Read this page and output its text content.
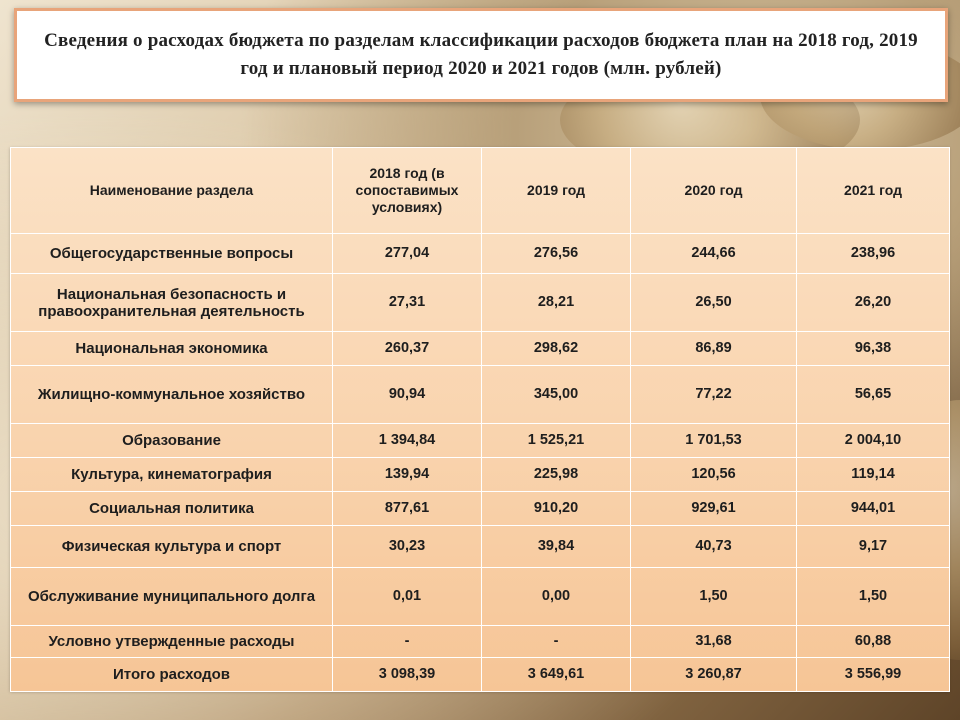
Сведения о расходах бюджета по разделам классификации расходов бюджета план на 2018 год, 2019 год и плановый период 2020 и 2021 годов (млн. рублей)
Наименование раздела	2018 год (в сопоставимых условиях)	2019 год	2020 год	2021 год
Общегосударственные вопросы	277,04	276,56	244,66	238,96
Национальная безопасность и правоохранительная деятельность	27,31	28,21	26,50	26,20
Национальная экономика	260,37	298,62	86,89	96,38
Жилищно-коммунальное хозяйство	90,94	345,00	77,22	56,65
Образование	1 394,84	1 525,21	1 701,53	2 004,10
Культура, кинематография	139,94	225,98	120,56	119,14
Социальная политика	877,61	910,20	929,61	944,01
Физическая культура и спорт	30,23	39,84	40,73	9,17
Обслуживание муниципального долга	0,01	0,00	1,50	1,50
Условно утвержденные расходы	-	-	31,68	60,88
Итого расходов	3 098,39	3 649,61	3 260,87	3 556,99
